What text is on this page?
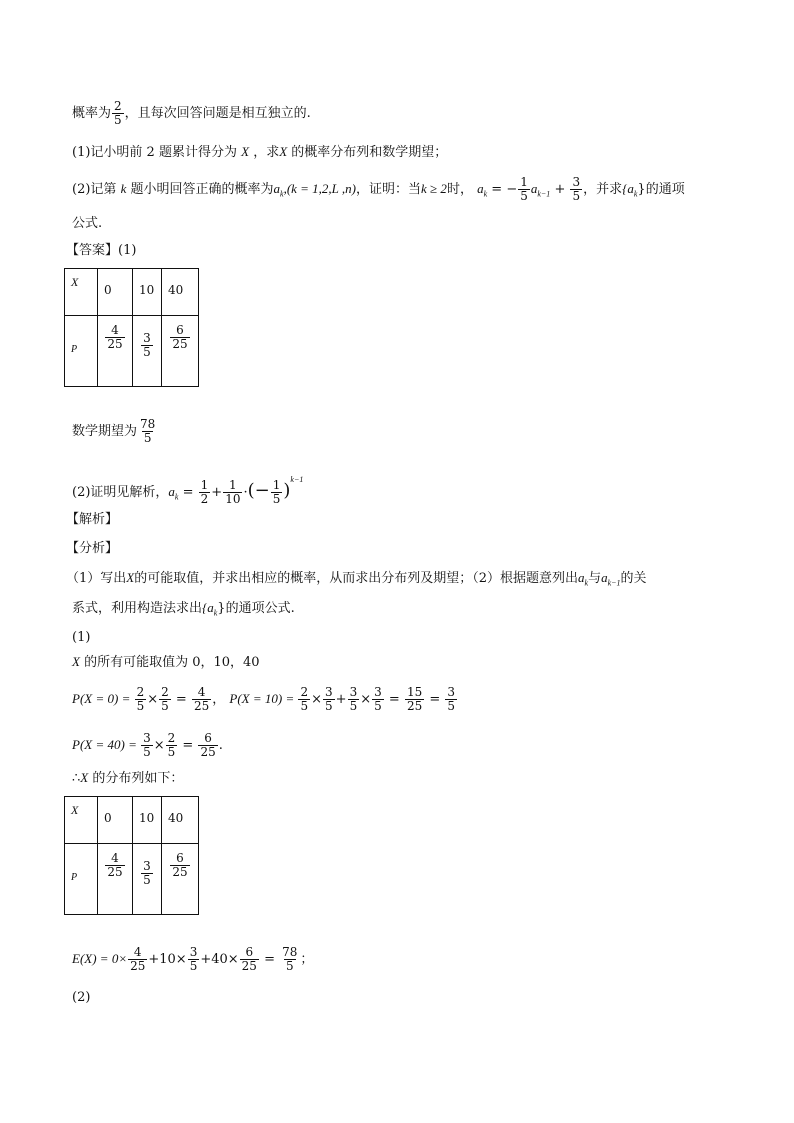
概率为 $\frac{2}{5}$ ，且每次回答问题是相互独立的.
(1)记小明前 2 题累计得分为 X ，求X 的概率分布列和数学期望；
(2)记第 k 题小明回答正确的概率为$a_k,(k = 1,2,L$ ,n)，证明：当k ≥ 2时， $a_k$ = − $\frac{1}{5} a_{k-1} + \frac{3}{5}$ ，并求$\{a_k\}$的通项
公式.
【答案】(1)
X	0	10	40

P	$\frac{4}{25}$	$\frac{3}{5}$	$\frac{6}{25}$
数学期望为 $\frac{78}{5}$
(2)证明见解析，$a_k = \frac{1}{2} + \frac{1}{10}$ ·(− $\frac{1}{5} )^{k-1}$
【解析】
【分析】
（1）写出X的可能取值，并求出相应的概率，从而求出分布列及期望；（2）根据题意列出$a_k$与$a_{k-1}$的关
系式，利用构造法求出$\{a_k\}$的通项公式.
(1)
X 的所有可能取值为 0，10，40
$P(X = 0) = \frac{2}{5} \times \frac{2}{5} = \frac{4}{25}$ ， $P(X = 10) = \frac{2}{5} \times \frac{3}{5} + \frac{3}{5} \times \frac{3}{5} = \frac{15}{25} = \frac{3}{5}$
$P(X = 40) = \frac{3}{5} \times \frac{2}{5} = \frac{6}{25}$ .
∴X 的分布列如下：
X	0	10	40

P	$\frac{4}{25}$	$\frac{3}{5}$	$\frac{6}{25}$
$E(X) = 0\times \frac{4}{25} +10\times \frac{3}{5} +40\times \frac{6}{25} = \frac{78}{5}$ ；
(2)
